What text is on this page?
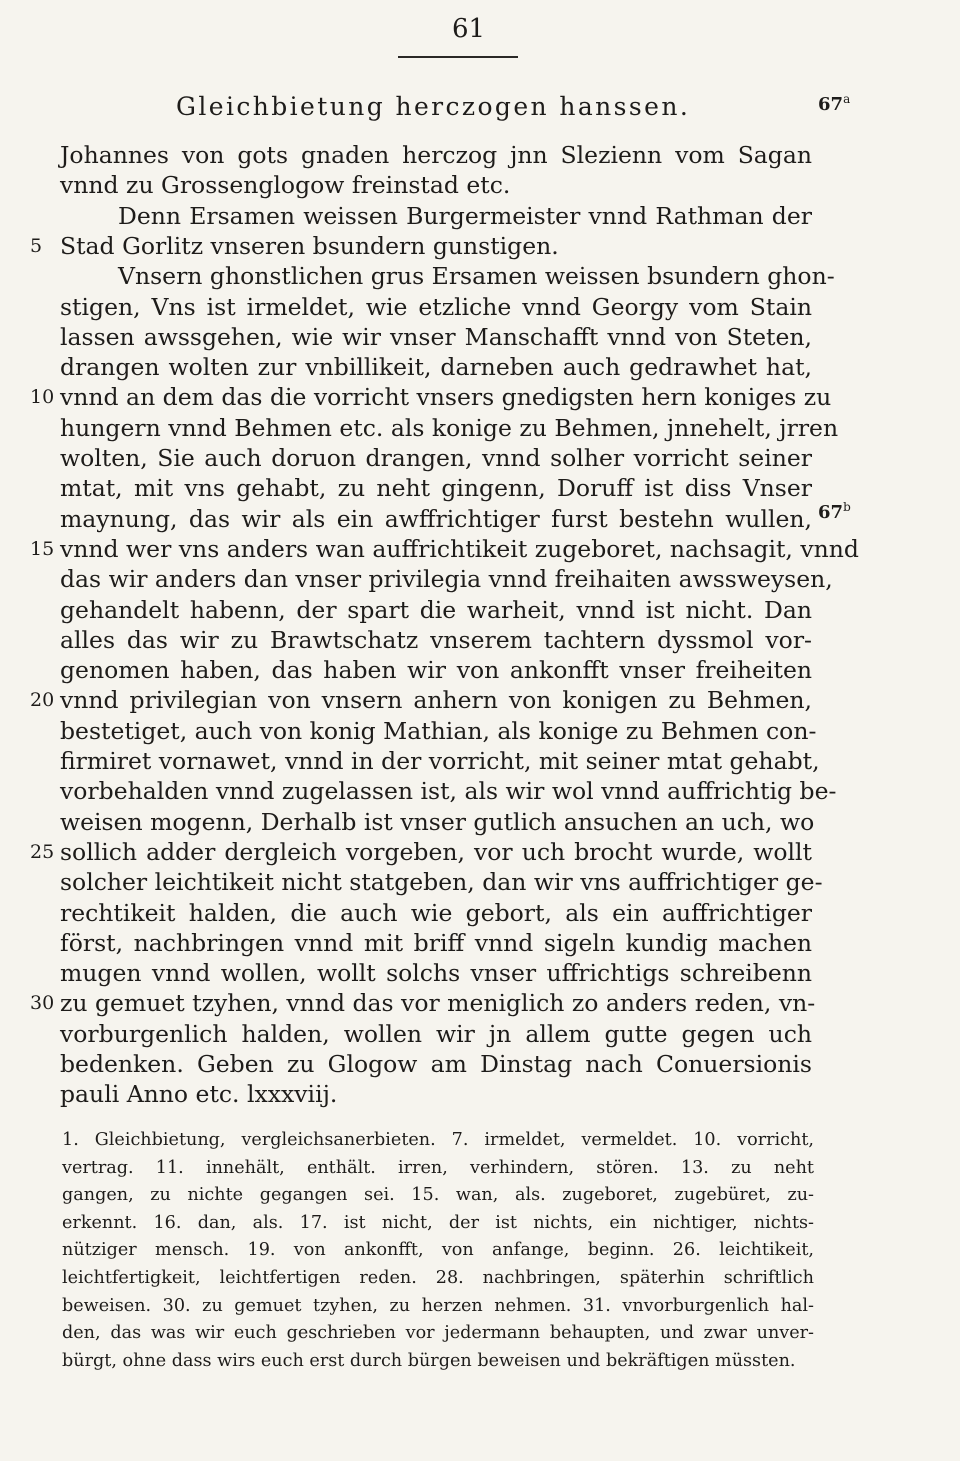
61
Gleichbietung herczogen hanssen.	67$^a$
67$^b$
Johannes von gots gnaden herczog jnn Slezienn vom Sagan
vnnd zu Grossenglogow freinstad etc.
Denn Ersamen weissen Burgermeister vnnd Rathman der
Stad Gorlitz vnseren bsundern gunstigen.
5
Vnsern ghonstlichen grus Ersamen weissen bsundern ghon-
stigen, Vns ist irmeldet, wie etzliche vnnd Georgy vom Stain
lassen awssgehen, wie wir vnser Manschafft vnnd von Steten,
drangen wolten zur vnbillikeit, darneben auch gedrawhet hat,
vnnd an dem das die vorricht vnsers gnedigsten hern koniges zu
10
hungern vnnd Behmen etc. als konige zu Behmen, jnnehelt, jrren
wolten, Sie auch doruon drangen, vnnd solher vorricht seiner
mtat, mit vns gehabt, zu neht gingenn, Doruff ist diss Vnser
maynung, das wir als ein awffrichtiger furst bestehn wullen,
vnnd wer vns anders wan auffrichtikeit zugeboret, nachsagit, vnnd
15
das wir anders dan vnser privilegia vnnd freihaiten awssweysen,
gehandelt habenn, der spart die warheit, vnnd ist nicht. Dan
alles das wir zu Brawtschatz vnserem tachtern dyssmol vor-
genomen haben, das haben wir von ankonfft vnser freiheiten
vnnd privilegian von vnsern anhern von konigen zu Behmen,
20
bestetiget, auch von konig Mathian, als konige zu Behmen con-
firmiret vornawet, vnnd in der vorricht, mit seiner mtat gehabt,
vorbehalden vnnd zugelassen ist, als wir wol vnnd auffrichtig be-
weisen mogenn, Derhalb ist vnser gutlich ansuchen an uch, wo
sollich adder dergleich vorgeben, vor uch brocht wurde, wollt
25
solcher leichtikeit nicht statgeben, dan wir vns auffrichtiger ge-
rechtikeit halden, die auch wie gebort, als ein auffrichtiger
först, nachbringen vnnd mit briff vnnd sigeln kundig machen
mugen vnnd wollen, wollt solchs vnser uffrichtigs schreibenn
zu gemuet tzyhen, vnnd das vor meniglich zo anders reden, vn-
30
vorburgenlich halden, wollen wir jn allem gutte gegen uch
bedenken. Geben zu Glogow am Dinstag nach Conuersionis
pauli Anno etc. lxxxviij.
1. Gleichbietung, vergleichsanerbieten. 7. irmeldet, vermeldet. 10. vorricht,
vertrag. 11. innehält, enthält. irren, verhindern, stören. 13. zu neht
gangen, zu nichte gegangen sei. 15. wan, als. zugeboret, zugebüret, zu-
erkennt. 16. dan, als. 17. ist nicht, der ist nichts, ein nichtiger, nichts-
nütziger mensch. 19. von ankonfft, von anfange, beginn. 26. leichtikeit,
leichtfertigkeit, leichtfertigen reden. 28. nachbringen, späterhin schriftlich
beweisen. 30. zu gemuet tzyhen, zu herzen nehmen. 31. vnvorburgenlich hal-
den, das was wir euch geschrieben vor jedermann behaupten, und zwar unver-
bürgt, ohne dass wirs euch erst durch bürgen beweisen und bekräftigen müssten.
